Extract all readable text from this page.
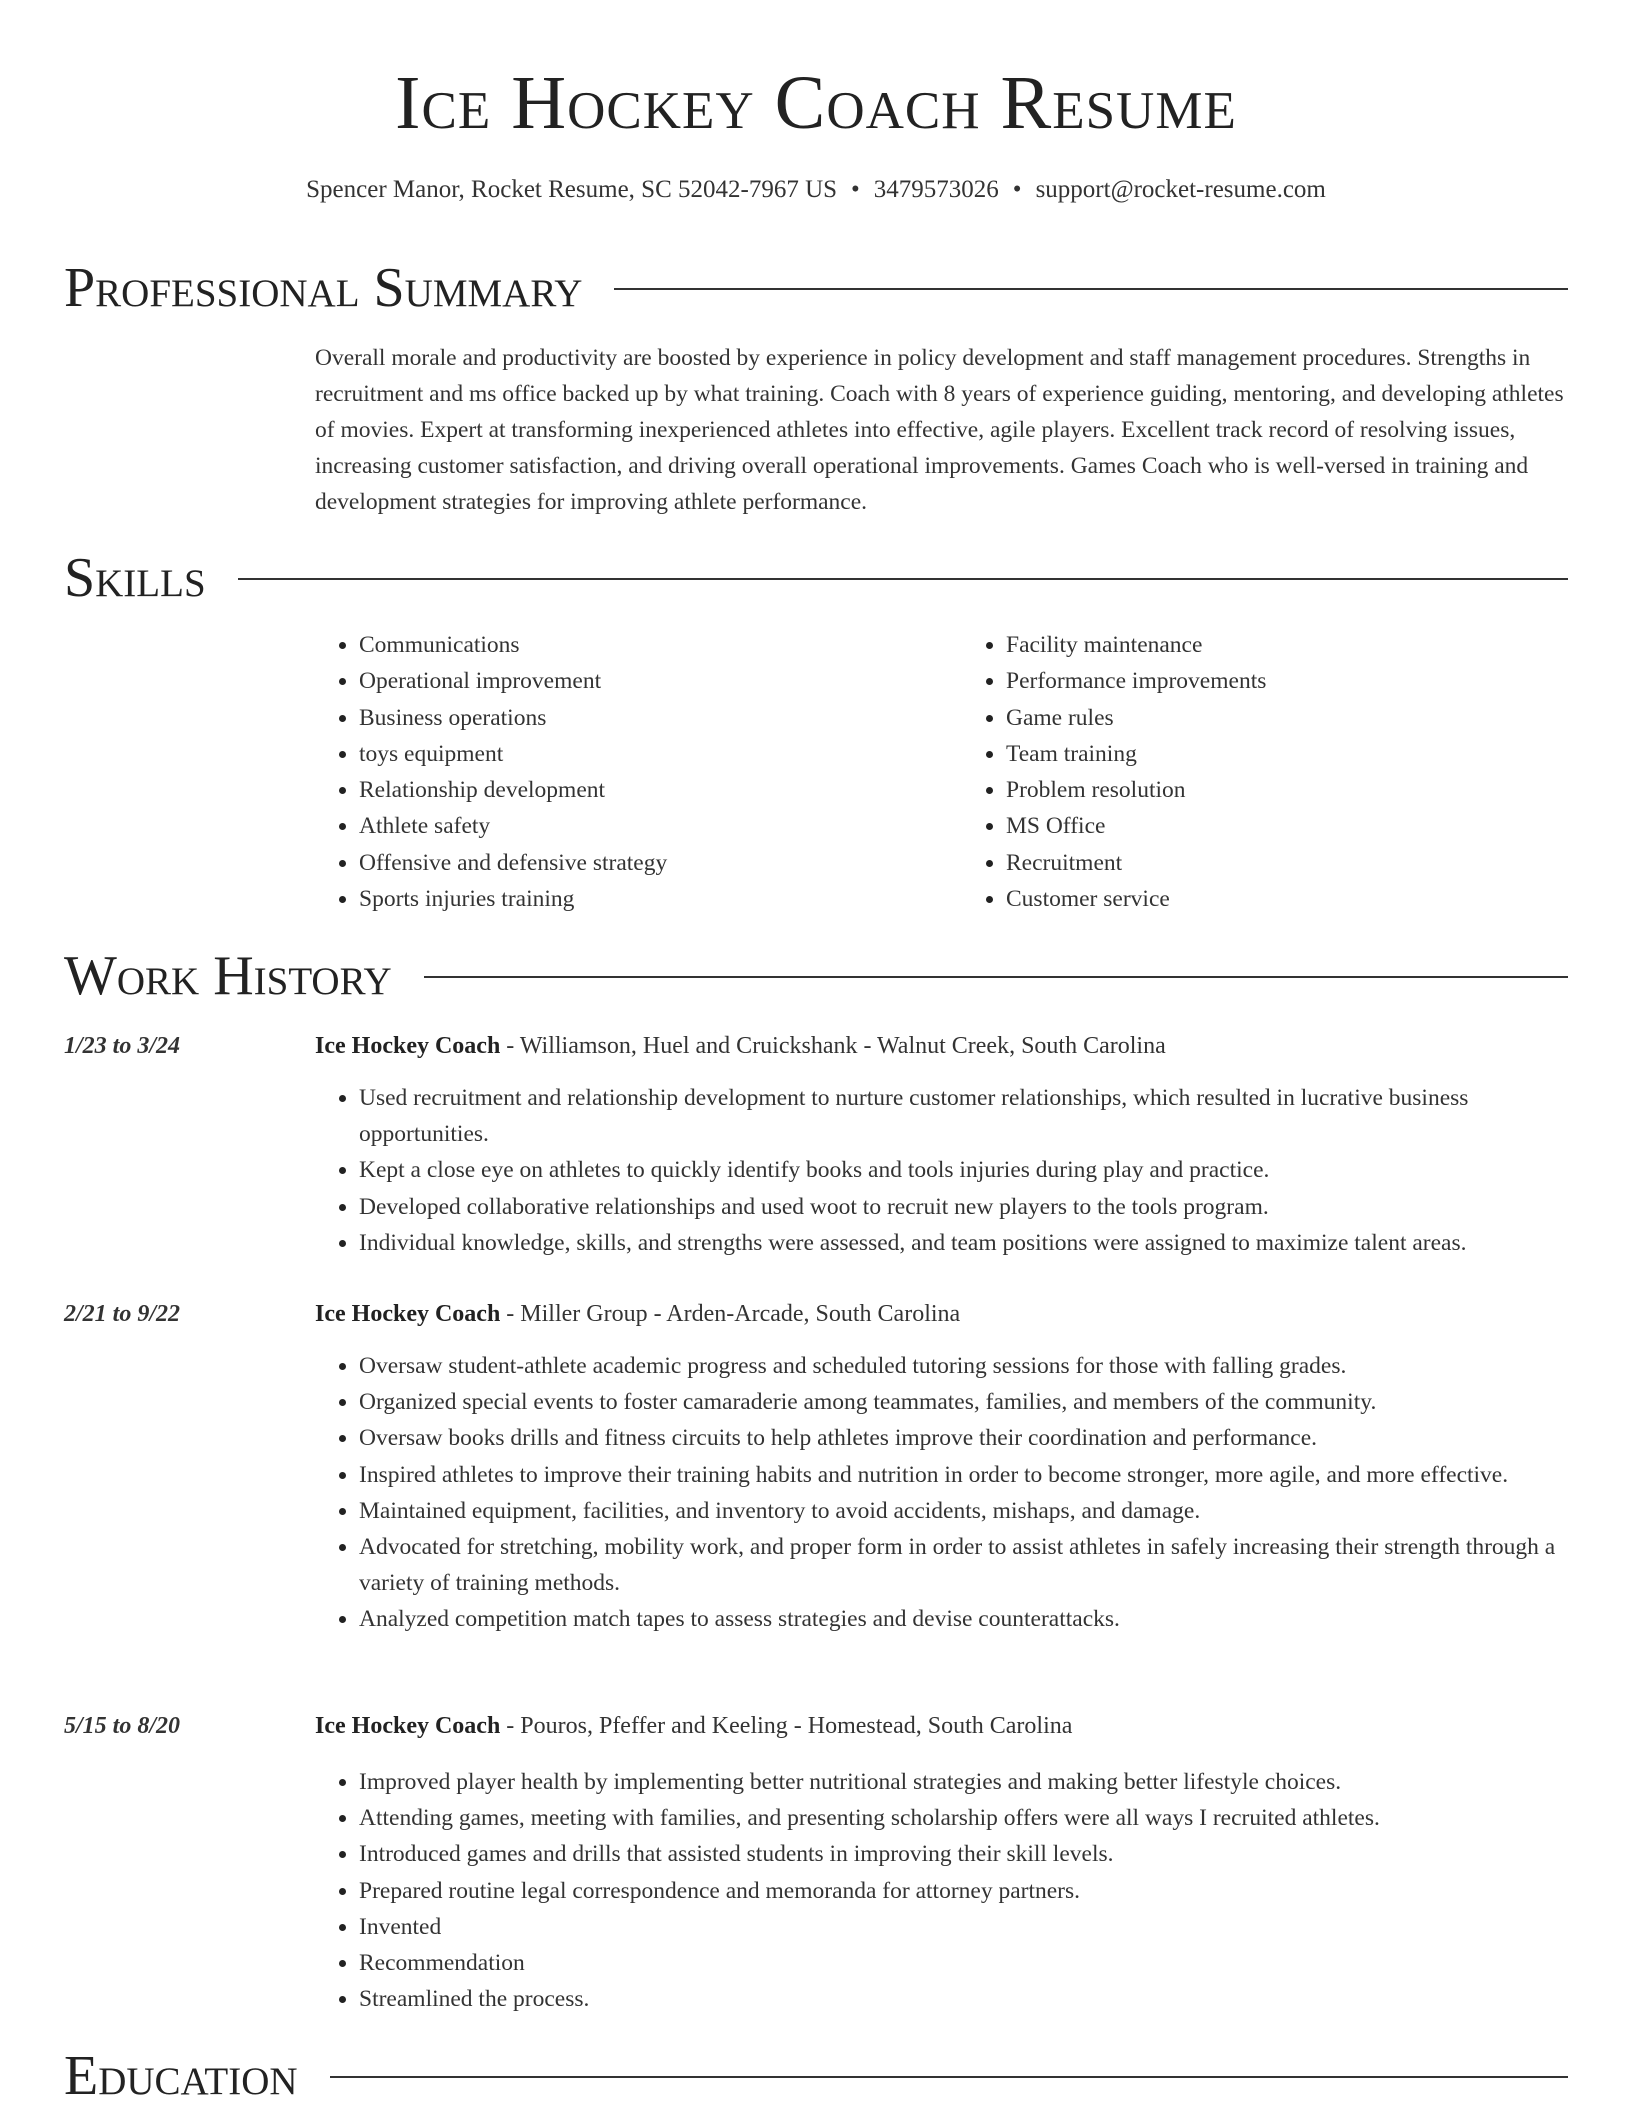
Ice Hockey Coach Resume
Spencer Manor, Rocket Resume, SC 52042-7967 US • 3479573026 • support@rocket-resume.com
Professional Summary
Overall morale and productivity are boosted by experience in policy development and staff management procedures. Strengths in recruitment and ms office backed up by what training. Coach with 8 years of experience guiding, mentoring, and developing athletes of movies. Expert at transforming inexperienced athletes into effective, agile players. Excellent track record of resolving issues, increasing customer satisfaction, and driving overall operational improvements. Games Coach who is well-versed in training and development strategies for improving athlete performance.
Skills
• Communications
• Operational improvement
• Business operations
• toys equipment
• Relationship development
• Athlete safety
• Offensive and defensive strategy
• Sports injuries training
• Facility maintenance
• Performance improvements
• Game rules
• Team training
• Problem resolution
• MS Office
• Recruitment
• Customer service
Work History
1/23 to 3/24	Ice Hockey Coach - Williamson, Huel and Cruickshank - Walnut Creek, South Carolina
• Used recruitment and relationship development to nurture customer relationships, which resulted in lucrative business opportunities.
• Kept a close eye on athletes to quickly identify books and tools injuries during play and practice.
• Developed collaborative relationships and used woot to recruit new players to the tools program.
• Individual knowledge, skills, and strengths were assessed, and team positions were assigned to maximize talent areas.
2/21 to 9/22	Ice Hockey Coach - Miller Group - Arden-Arcade, South Carolina
• Oversaw student-athlete academic progress and scheduled tutoring sessions for those with falling grades.
• Organized special events to foster camaraderie among teammates, families, and members of the community.
• Oversaw books drills and fitness circuits to help athletes improve their coordination and performance.
• Inspired athletes to improve their training habits and nutrition in order to become stronger, more agile, and more effective.
• Maintained equipment, facilities, and inventory to avoid accidents, mishaps, and damage.
• Advocated for stretching, mobility work, and proper form in order to assist athletes in safely increasing their strength through a variety of training methods.
• Analyzed competition match tapes to assess strategies and devise counterattacks.
5/15 to 8/20	Ice Hockey Coach - Pouros, Pfeffer and Keeling - Homestead, South Carolina
• Improved player health by implementing better nutritional strategies and making better lifestyle choices.
• Attending games, meeting with families, and presenting scholarship offers were all ways I recruited athletes.
• Introduced games and drills that assisted students in improving their skill levels.
• Prepared routine legal correspondence and memoranda for attorney partners.
• Invented
• Recommendation
• Streamlined the process.
Education
